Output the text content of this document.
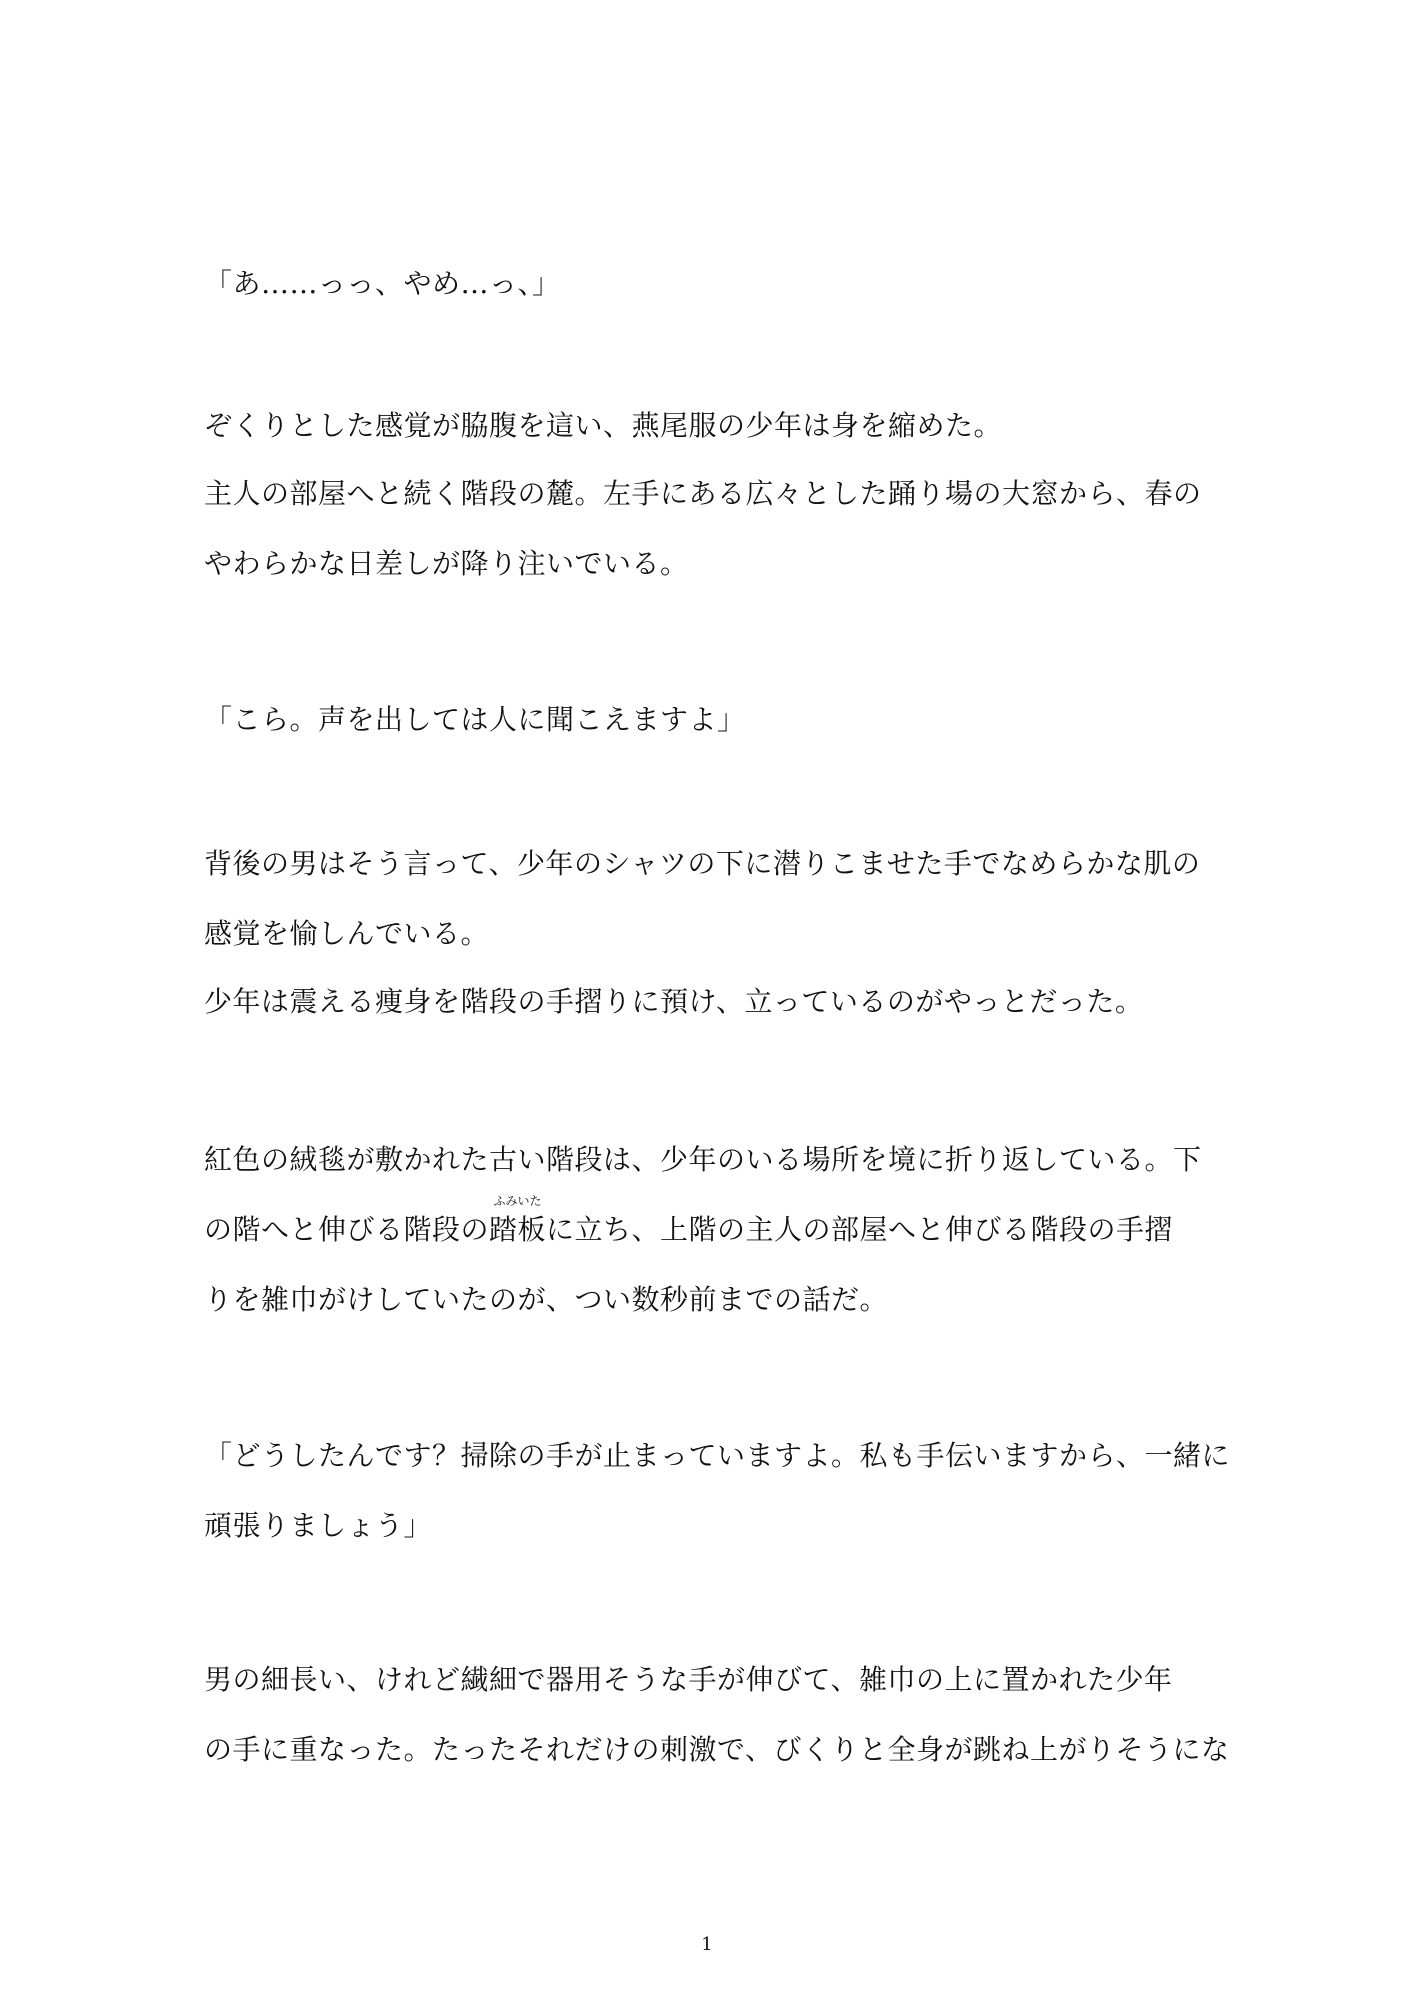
「あ……っっ、やめ…っ、」
ぞくりとした感覚が脇腹を這い、燕尾服の少年は身を縮めた。
主人の部屋へと続く階段の麓。左手にある広々とした踊り場の大窓から、春の
やわらかな日差しが降り注いでいる。
「こら。声を出しては人に聞こえますよ」
背後の男はそう言って、少年のシャツの下に潜りこませた手でなめらかな肌の
感覚を愉しんでいる。
少年は震える痩身を階段の手摺りに預け、立っているのがやっとだった。
紅色の絨毯が敷かれた古い階段は、少年のいる場所を境に折り返している。下
の階へと伸びる階段の
ふみいた
踏板に立ち、上階の主人の部屋へと伸びる階段の手摺
りを雑巾がけしていたのが、つい数秒前までの話だ。
「どうしたんです？掃除の手が止まっていますよ。私も手伝いますから、一緒に
頑張りましょう」
男の細長い、けれど繊細で器用そうな手が伸びて、雑巾の上に置かれた少年
の手に重なった。たったそれだけの刺激で、びくりと全身が跳ね上がりそうにな
1
